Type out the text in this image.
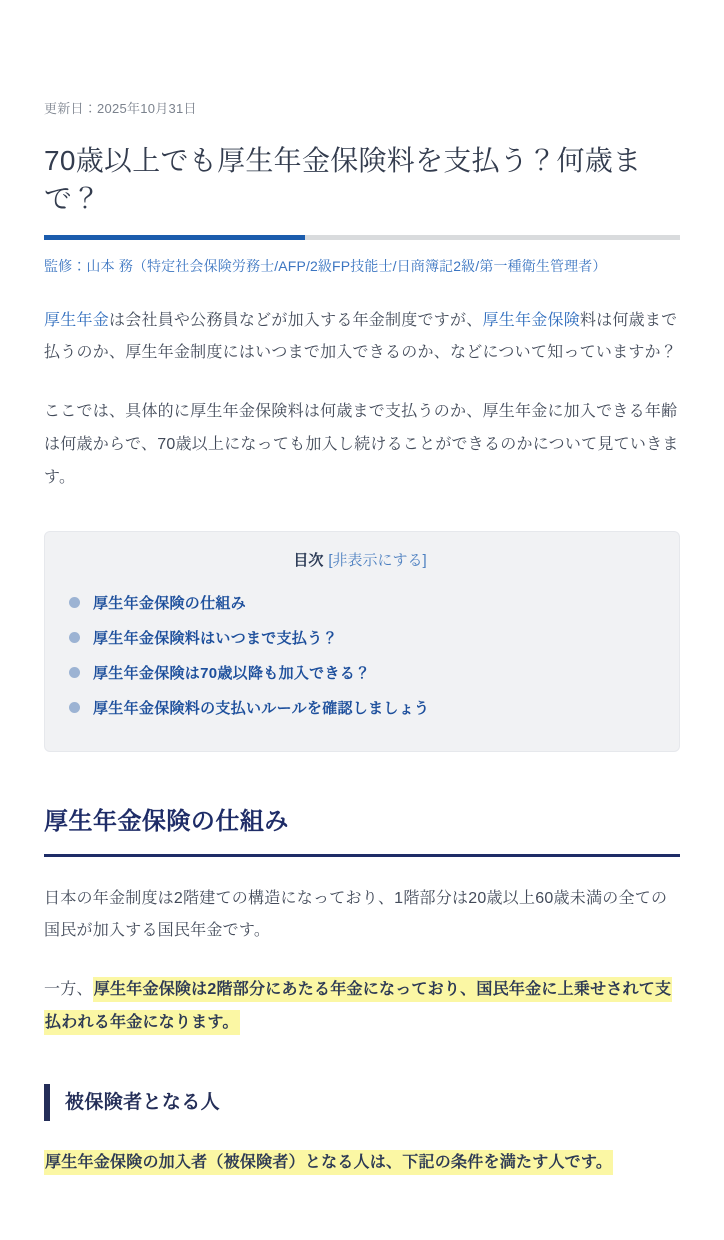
更新日：2025年10月31日
70歳以上でも厚生年金保険料を支払う？何歳まで？
監修：山本 務（特定社会保険労務士/AFP/2級FP技能士/日商簿記2級/第一種衛生管理者）

厚生年金は会社員や公務員などが加入する年金制度ですが、厚生年金保険料は何歳まで払うのか、厚生年金制度にはいつまで加入できるのか、などについて知っていますか？

ここでは、具体的に厚生年金保険料は何歳まで支払うのか、厚生年金に加入できる年齢は何歳からで、70歳以上になっても加入し続けることができるのかについて見ていきます。

目次 [非表示にする]
厚生年金保険の仕組み
厚生年金保険料はいつまで支払う？
厚生年金保険は70歳以降も加入できる？
厚生年金保険料の支払いルールを確認しましょう
厚生年金保険の仕組み

日本の年金制度は2階建ての構造になっており、1階部分は20歳以上60歳未満の全ての国民が加入する国民年金です。

一方、厚生年金保険は2階部分にあたる年金になっており、国民年金に上乗せされて支払われる年金になります。

被保険者となる人

厚生年金保険の加入者（被保険者）となる人は、下記の条件を満たす人です。
